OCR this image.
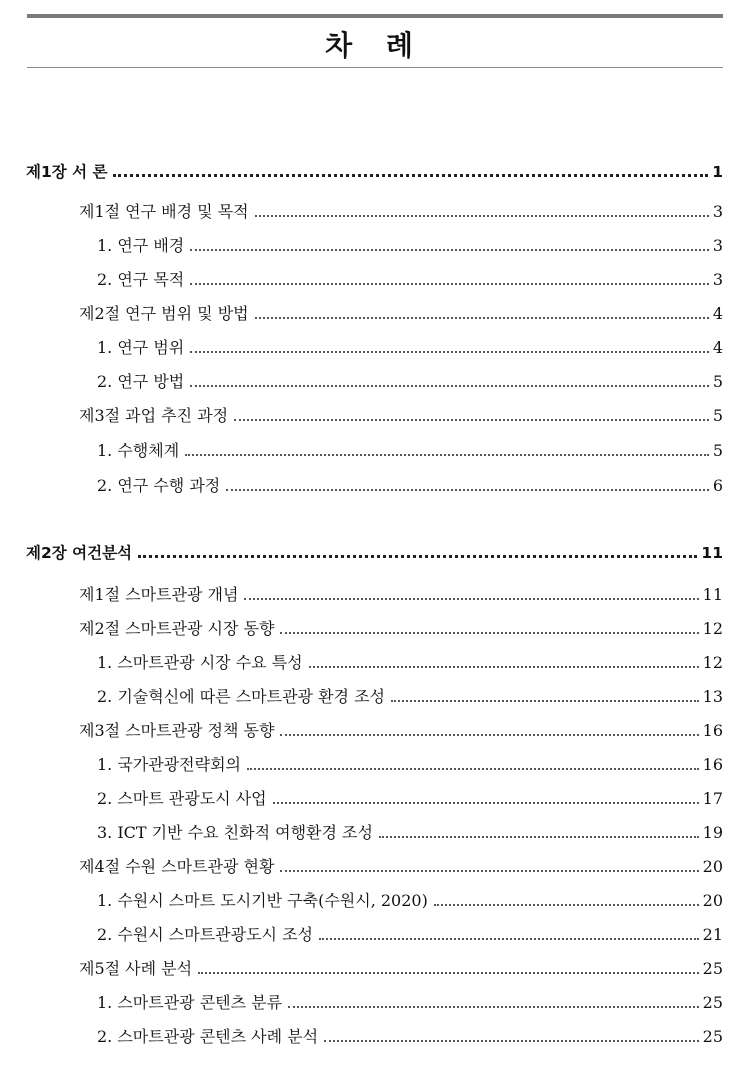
차 례
제1장 서 론	1
제1절 연구 배경 및 목적	3
1. 연구 배경	3
2. 연구 목적	3
제2절 연구 범위 및 방법	4
1. 연구 범위	4
2. 연구 방법	5
제3절 과업 추진 과정	5
1. 수행체계	5
2. 연구 수행 과정	6
제2장 여건분석	11
제1절 스마트관광 개념	11
제2절 스마트관광 시장 동향	12
1. 스마트관광 시장 수요 특성	12
2. 기술혁신에 따른 스마트관광 환경 조성	13
제3절 스마트관광 정책 동향	16
1. 국가관광전략회의	16
2. 스마트 관광도시 사업	17
3. ICT 기반 수요 친화적 여행환경 조성	19
제4절 수원 스마트관광 현황	20
1. 수원시 스마트 도시기반 구축(수원시, 2020)	20
2. 수원시 스마트관광도시 조성	21
제5절 사례 분석	25
1. 스마트관광 콘텐츠 분류	25
2. 스마트관광 콘텐츠 사례 분석	25
